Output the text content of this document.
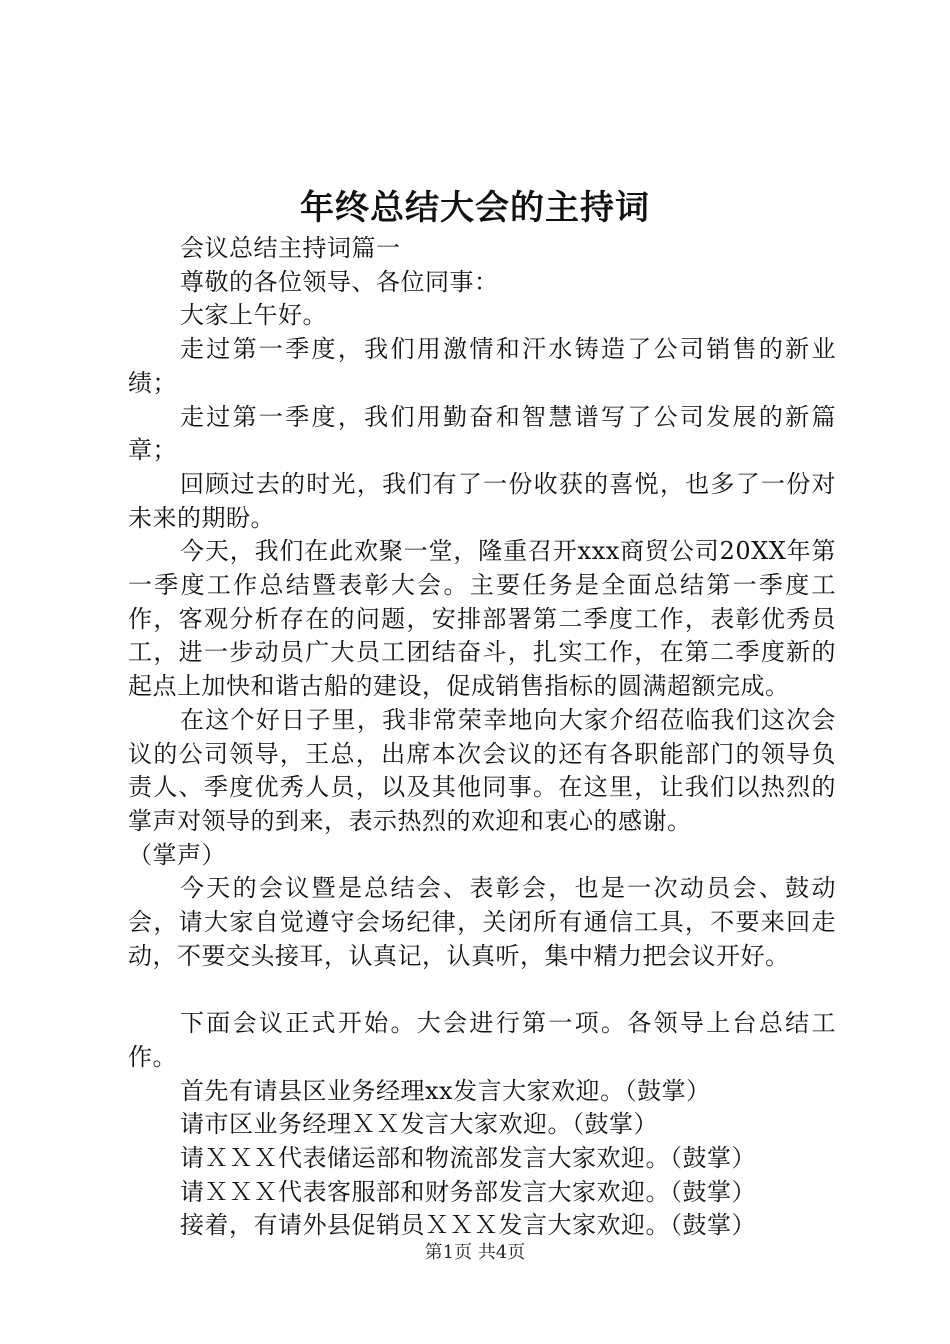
年终总结大会的主持词

会议总结主持词篇一

尊敬的各位领导、各位同事：

大家上午好。

走过第一季度，我们用激情和汗水铸造了公司销售的新业绩；

走过第一季度，我们用勤奋和智慧谱写了公司发展的新篇章；

回顾过去的时光，我们有了一份收获的喜悦，也多了一份对未来的期盼。

今天，我们在此欢聚一堂，隆重召开xxx商贸公司20XX年第一季度工作总结暨表彰大会。主要任务是全面总结第一季度工作，客观分析存在的问题，安排部署第二季度工作，表彰优秀员工，进一步动员广大员工团结奋斗，扎实工作，在第二季度新的起点上加快和谐古船的建设，促成销售指标的圆满超额完成。

在这个好日子里，我非常荣幸地向大家介绍莅临我们这次会议的公司领导，王总，出席本次会议的还有各职能部门的领导负责人、季度优秀人员，以及其他同事。在这里，让我们以热烈的掌声对领导的到来，表示热烈的欢迎和衷心的感谢。

（掌声）

今天的会议暨是总结会、表彰会，也是一次动员会、鼓动会，请大家自觉遵守会场纪律，关闭所有通信工具，不要来回走动，不要交头接耳，认真记，认真听，集中精力把会议开好。

下面会议正式开始。大会进行第一项。各领导上台总结工作。

首先有请县区业务经理xx发言大家欢迎。（鼓掌）

请市区业务经理ＸＸ发言大家欢迎。（鼓掌）

请ＸＸＸ代表储运部和物流部发言大家欢迎。（鼓掌）

请ＸＸＸ代表客服部和财务部发言大家欢迎。（鼓掌）

接着，有请外县促销员ＸＸＸ发言大家欢迎。（鼓掌）

第1页 共4页
